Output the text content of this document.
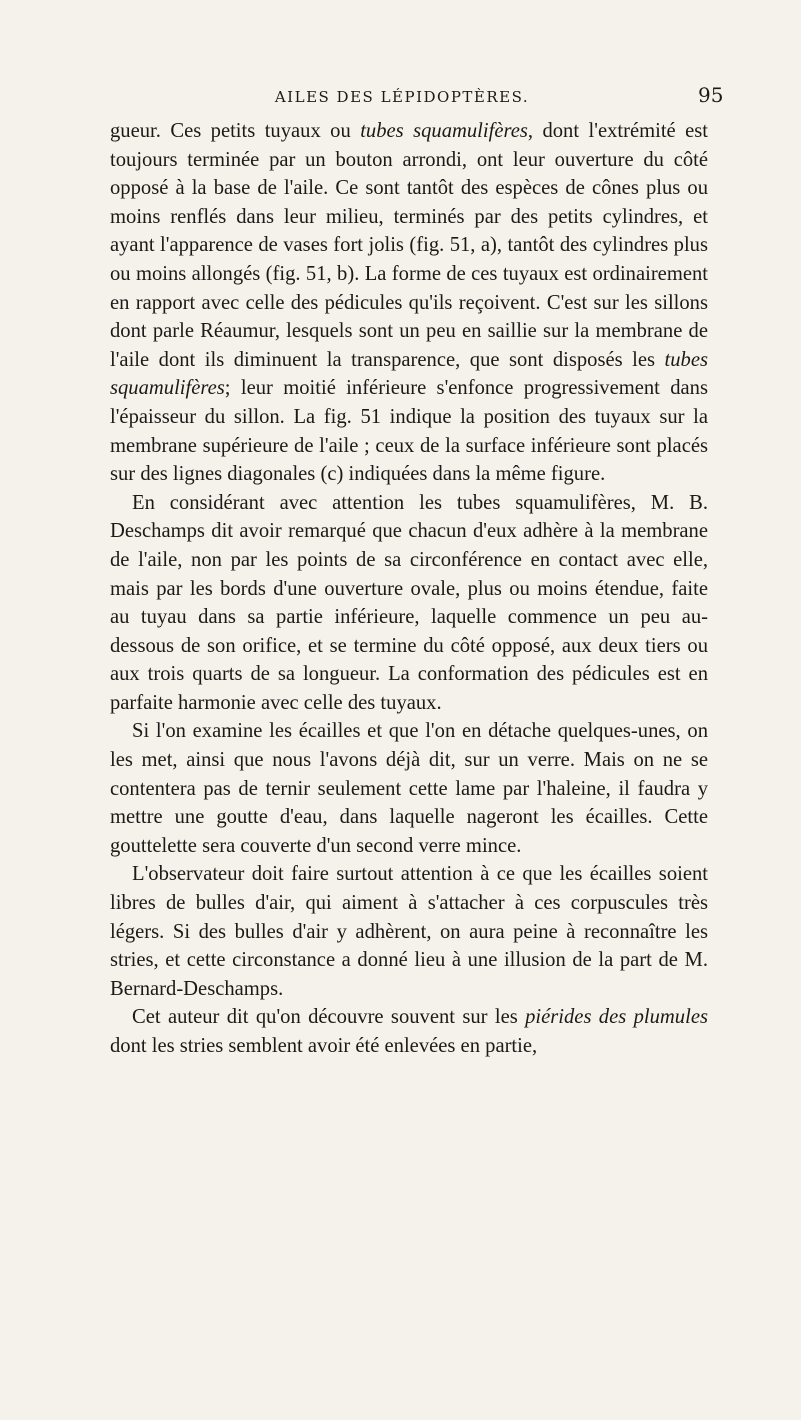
AILES DES LÉPIDOPTÈRES.	95

gueur. Ces petits tuyaux ou tubes squamulifères, dont l'extrémité est toujours terminée par un bouton arrondi, ont leur ouverture du côté opposé à la base de l'aile. Ce sont tantôt des espèces de cônes plus ou moins renflés dans leur milieu, terminés par des petits cylindres, et ayant l'apparence de vases fort jolis (fig. 51, a), tantôt des cylindres plus ou moins allongés (fig. 51, b). La forme de ces tuyaux est ordinairement en rapport avec celle des pédicules qu'ils reçoivent. C'est sur les sillons dont parle Réaumur, lesquels sont un peu en saillie sur la membrane de l'aile dont ils diminuent la transparence, que sont disposés les tubes squamulifères; leur moitié inférieure s'enfonce progressivement dans l'épaisseur du sillon. La fig. 51 indique la position des tuyaux sur la membrane supérieure de l'aile ; ceux de la surface inférieure sont placés sur des lignes diagonales (c) indiquées dans la même figure.

En considérant avec attention les tubes squamulifères, M. B. Deschamps dit avoir remarqué que chacun d'eux adhère à la membrane de l'aile, non par les points de sa circonférence en contact avec elle, mais par les bords d'une ouverture ovale, plus ou moins étendue, faite au tuyau dans sa partie inférieure, laquelle commence un peu au-dessous de son orifice, et se termine du côté opposé, aux deux tiers ou aux trois quarts de sa longueur. La conformation des pédicules est en parfaite harmonie avec celle des tuyaux.

Si l'on examine les écailles et que l'on en détache quelques-unes, on les met, ainsi que nous l'avons déjà dit, sur un verre. Mais on ne se contentera pas de ternir seulement cette lame par l'haleine, il faudra y mettre une goutte d'eau, dans laquelle nageront les écailles. Cette gouttelette sera couverte d'un second verre mince.

L'observateur doit faire surtout attention à ce que les écailles soient libres de bulles d'air, qui aiment à s'attacher à ces corpuscules très légers. Si des bulles d'air y adhèrent, on aura peine à reconnaître les stries, et cette circonstance a donné lieu à une illusion de la part de M. Bernard-Deschamps.

Cet auteur dit qu'on découvre souvent sur les piérides des plumules dont les stries semblent avoir été enlevées en partie,
